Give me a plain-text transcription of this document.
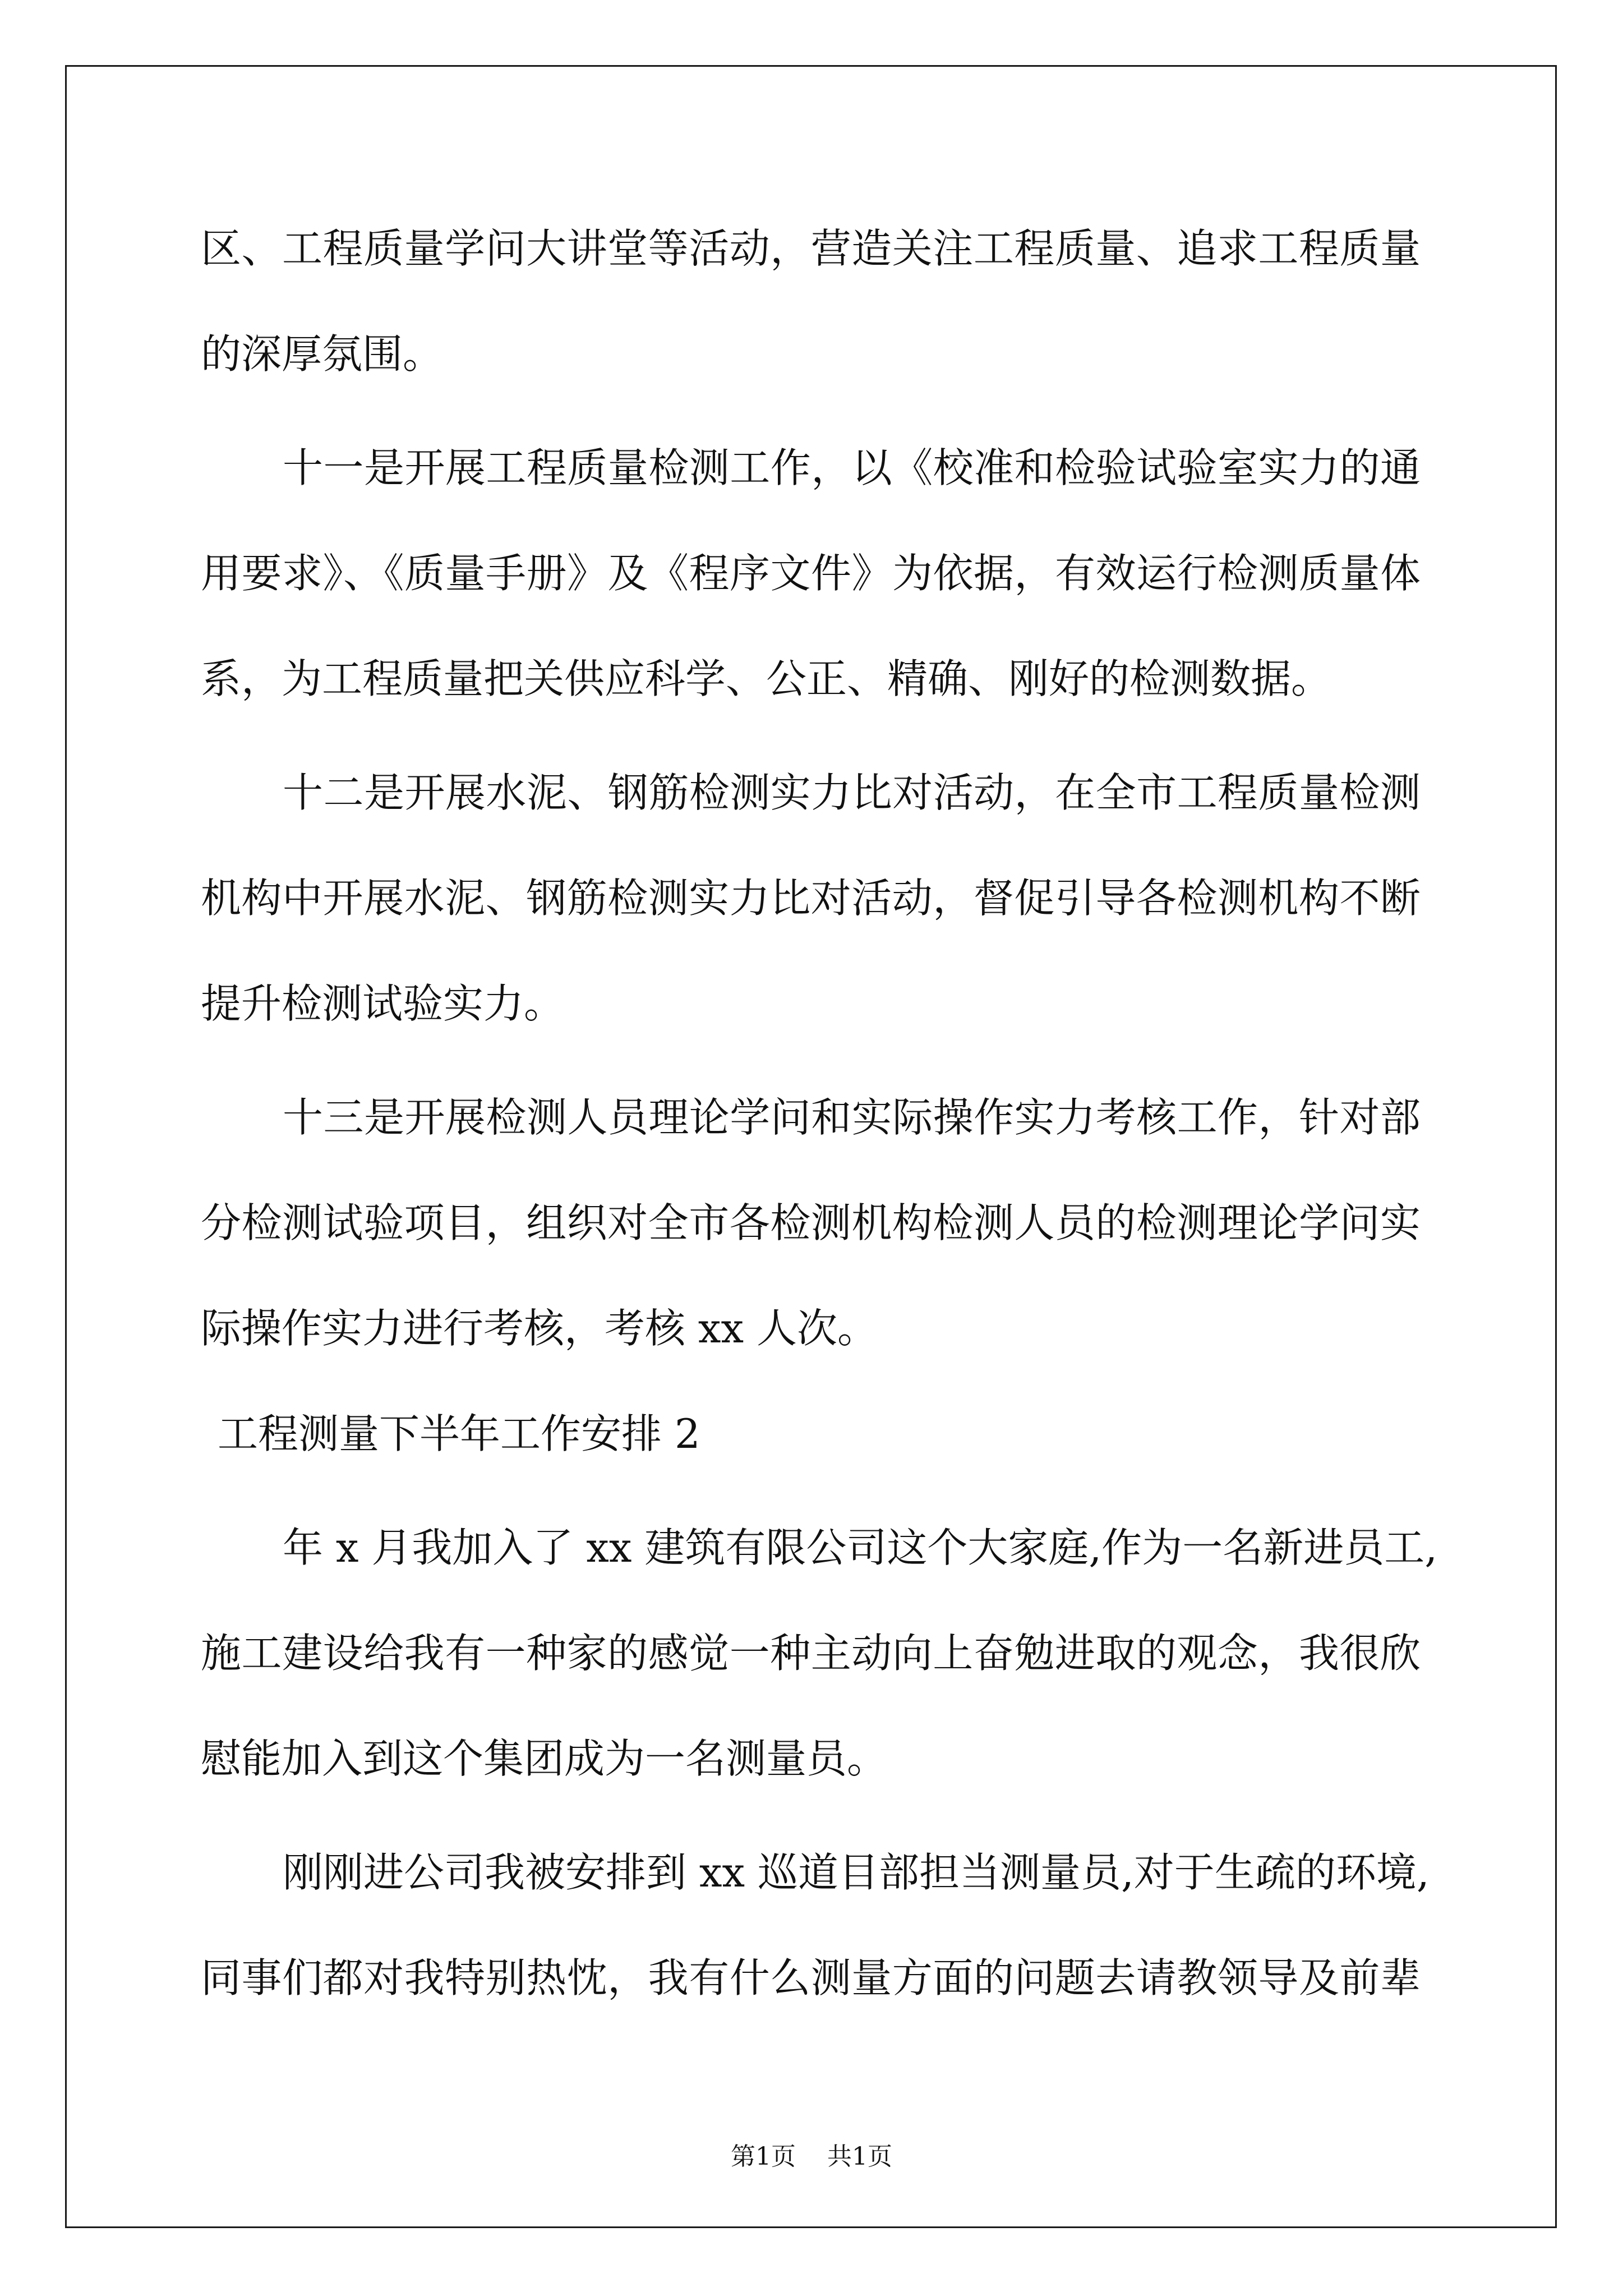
区、工程质量学问大讲堂等活动，营造关注工程质量、追求工程质量
的深厚氛围。
十一是开展工程质量检测工作，以《校准和检验试验室实力的通
用要求》、《质量手册》及《程序文件》为依据，有效运行检测质量体
系，为工程质量把关供应科学、公正、精确、刚好的检测数据。
十二是开展水泥、钢筋检测实力比对活动，在全市工程质量检测
机构中开展水泥、钢筋检测实力比对活动，督促引导各检测机构不断
提升检测试验实力。
十三是开展检测人员理论学问和实际操作实力考核工作，针对部
分检测试验项目，组织对全市各检测机构检测人员的检测理论学问实
际操作实力进行考核，考核 xx 人次。
工程测量下半年工作安排 2
年 x 月我加入了 xx 建筑有限公司这个大家庭,作为一名新进员工,
施工建设给我有一种家的感觉一种主动向上奋勉进取的观念，我很欣
慰能加入到这个集团成为一名测量员。
刚刚进公司我被安排到 xx 巡道目部担当测量员,对于生疏的环境,
同事们都对我特别热忱，我有什么测量方面的问题去请教领导及前辈
第1页 共1页
